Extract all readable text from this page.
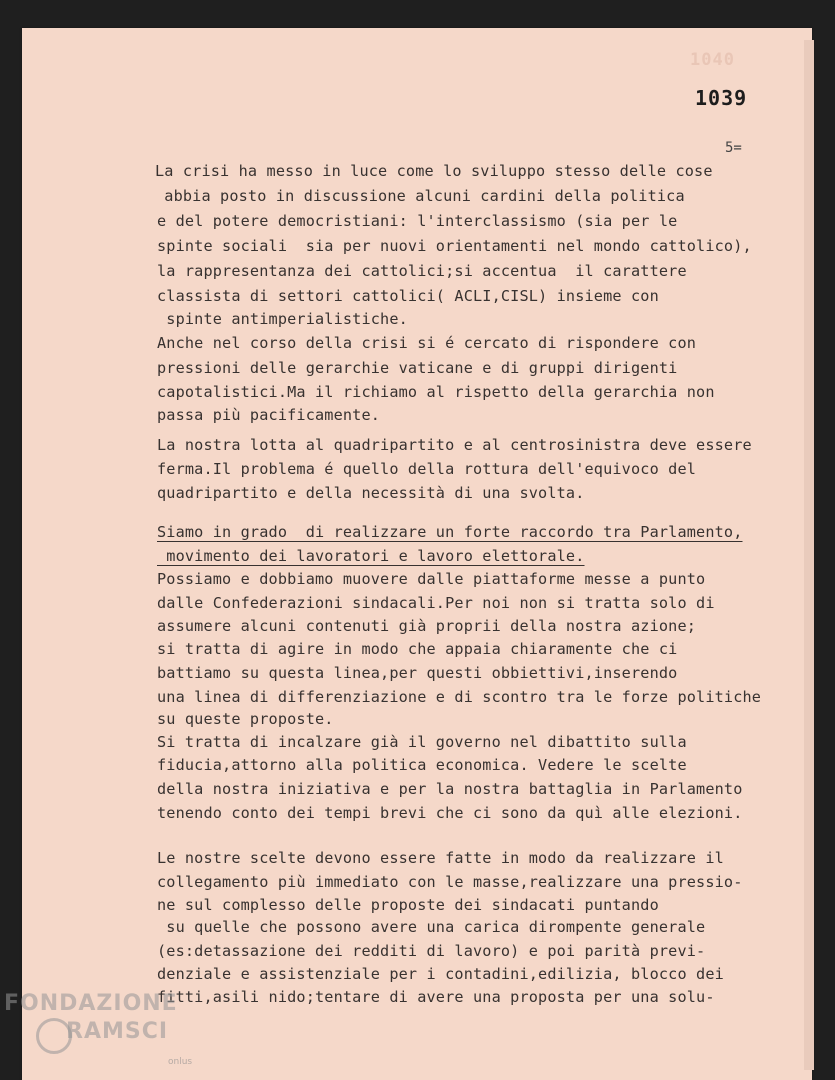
1040
1039
5=
La crisi ha messo in luce come lo sviluppo stesso delle cose
abbia posto in discussione alcuni cardini della politica
e del potere democristiani: l'interclassismo (sia per le
spinte sociali  sia per nuovi orientamenti nel mondo cattolico),
la rappresentanza dei cattolici;si accentua  il carattere
classista di settori cattolici( ACLI,CISL) insieme con
spinte antimperialistiche.
Anche nel corso della crisi si é cercato di rispondere con
pressioni delle gerarchie vaticane e di gruppi dirigenti
capotalistici.Ma il richiamo al rispetto della gerarchia non
passa più pacificamente.
La nostra lotta al quadripartito e al centrosinistra deve essere
ferma.Il problema é quello della rottura dell'equivoco del
quadripartito e della necessità di una svolta.
Siamo in grado  di realizzare un forte raccordo tra Parlamento,
movimento dei lavoratori e lavoro elettorale.
Possiamo e dobbiamo muovere dalle piattaforme messe a punto
dalle Confederazioni sindacali.Per noi non si tratta solo di
assumere alcuni contenuti già proprii della nostra azione;
si tratta di agire in modo che appaia chiaramente che ci
battiamo su questa linea,per questi obbiettivi,inserendo
una linea di differenziazione e di scontro tra le forze politiche
su queste proposte.
Si tratta di incalzare già il governo nel dibattito sulla
fiducia,attorno alla politica economica. Vedere le scelte
della nostra iniziativa e per la nostra battaglia in Parlamento
tenendo conto dei tempi brevi che ci sono da quì alle elezioni.
Le nostre scelte devono essere fatte in modo da realizzare il
collegamento più immediato con le masse,realizzare una pressio-
ne sul complesso delle proposte dei sindacati puntando
su quelle che possono avere una carica dirompente generale
(es:detassazione dei redditi di lavoro) e poi parità previ-
denziale e assistenziale per i contadini,edilizia, blocco dei
fitti,asili nido;tentare di avere una proposta per una solu-
FONDAZIONE
RAMSCI
onlus
